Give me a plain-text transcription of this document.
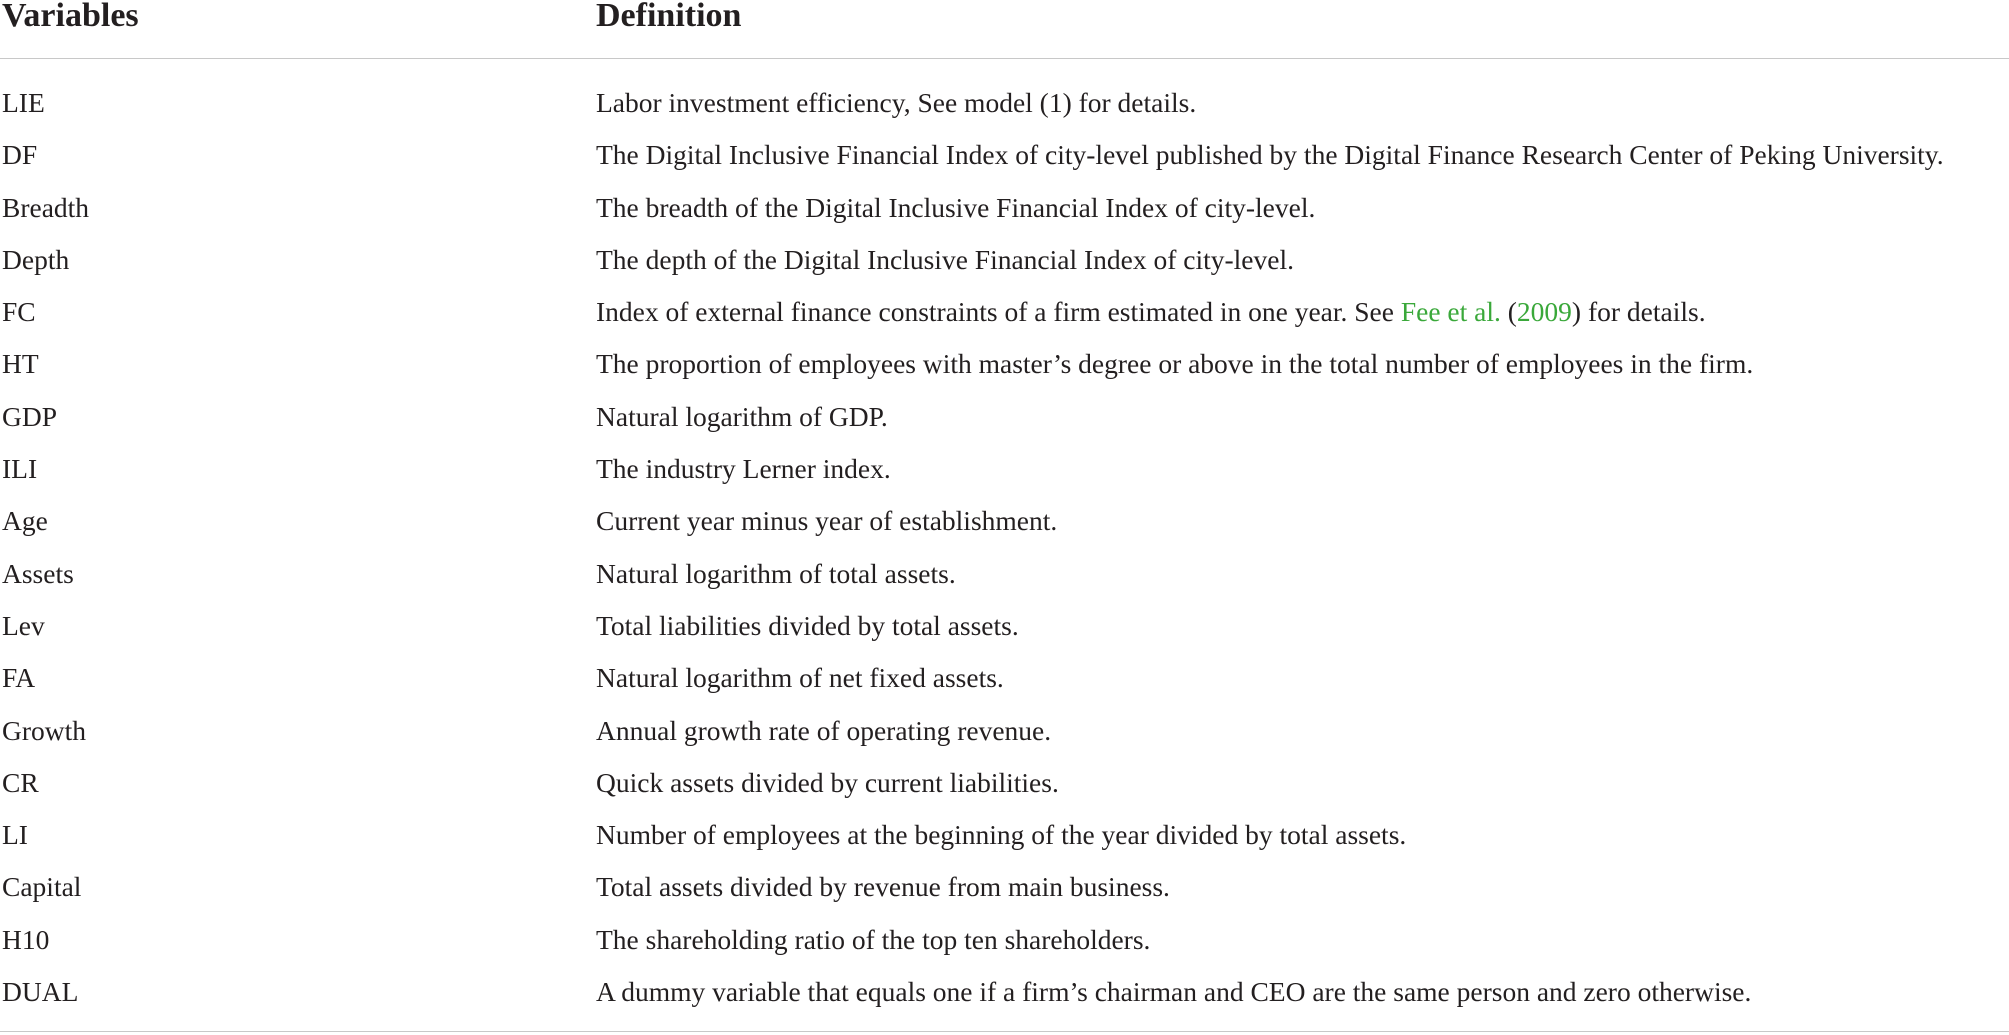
Variables	Definition
LIE	Labor investment efficiency, See model (1) for details.
DF	The Digital Inclusive Financial Index of city-level published by the Digital Finance Research Center of Peking University.
Breadth	The breadth of the Digital Inclusive Financial Index of city-level.
Depth	The depth of the Digital Inclusive Financial Index of city-level.
FC	Index of external finance constraints of a firm estimated in one year. See Fee et al. (2009) for details.
HT	The proportion of employees with master’s degree or above in the total number of employees in the firm.
GDP	Natural logarithm of GDP.
ILI	The industry Lerner index.
Age	Current year minus year of establishment.
Assets	Natural logarithm of total assets.
Lev	Total liabilities divided by total assets.
FA	Natural logarithm of net fixed assets.
Growth	Annual growth rate of operating revenue.
CR	Quick assets divided by current liabilities.
LI	Number of employees at the beginning of the year divided by total assets.
Capital	Total assets divided by revenue from main business.
H10	The shareholding ratio of the top ten shareholders.
DUAL	A dummy variable that equals one if a firm’s chairman and CEO are the same person and zero otherwise.
